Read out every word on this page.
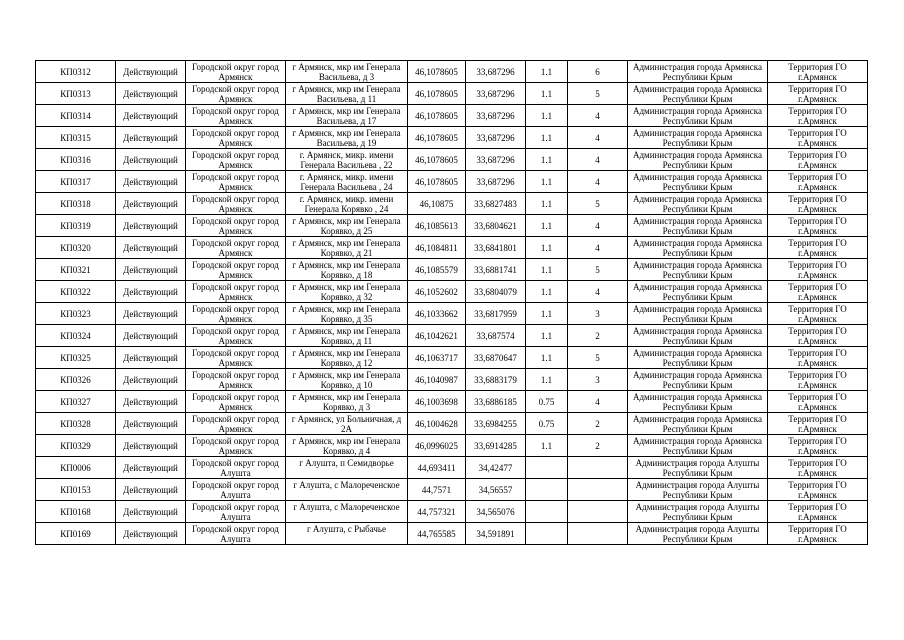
КП0312	Действующий	Городской округ город Армянск	г Армянск, мкр им Генерала Васильева, д 3	46,1078605	33,687296	1.1	6	Администрация города Армянска Республики Крым	Территория ГО г.Армянск
КП0313	Действующий	Городской округ город Армянск	г Армянск, мкр им Генерала Васильева, д 11	46,1078605	33,687296	1.1	5	Администрация города Армянска Республики Крым	Территория ГО г.Армянск
КП0314	Действующий	Городской округ город Армянск	г Армянск, мкр им Генерала Васильева, д 17	46,1078605	33,687296	1.1	4	Администрация города Армянска Республики Крым	Территория ГО г.Армянск
КП0315	Действующий	Городской округ город Армянск	г Армянск, мкр им Генерала Васильева, д 19	46,1078605	33,687296	1.1	4	Администрация города Армянска Республики Крым	Территория ГО г.Армянск
КП0316	Действующий	Городской округ город Армянск	г. Армянск, микр. имени Генерала Васильева , 22	46,1078605	33,687296	1.1	4	Администрация города Армянска Республики Крым	Территория ГО г.Армянск
КП0317	Действующий	Городской округ город Армянск	г. Армянск, микр. имени Генерала Васильева , 24	46,1078605	33,687296	1.1	4	Администрация города Армянска Республики Крым	Территория ГО г.Армянск
КП0318	Действующий	Городской округ город Армянск	г. Армянск, микр. имени Генерала Корявко , 24	46,10875	33,6827483	1.1	5	Администрация города Армянска Республики Крым	Территория ГО г.Армянск
КП0319	Действующий	Городской округ город Армянск	г Армянск, мкр им Генерала Корявко, д 25	46,1085613	33,6804621	1.1	4	Администрация города Армянска Республики Крым	Территория ГО г.Армянск
КП0320	Действующий	Городской округ город Армянск	г Армянск, мкр им Генерала Корявко, д 21	46,1084811	33,6841801	1.1	4	Администрация города Армянска Республики Крым	Территория ГО г.Армянск
КП0321	Действующий	Городской округ город Армянск	г Армянск, мкр им Генерала Корявко, д 18	46,1085579	33,6881741	1.1	5	Администрация города Армянска Республики Крым	Территория ГО г.Армянск
КП0322	Действующий	Городской округ город Армянск	г Армянск, мкр им Генерала Корявко, д 32	46,1052602	33,6804079	1.1	4	Администрация города Армянска Республики Крым	Территория ГО г.Армянск
КП0323	Действующий	Городской округ город Армянск	г Армянск, мкр им Генерала Корявко, д 35	46,1033662	33,6817959	1.1	3	Администрация города Армянска Республики Крым	Территория ГО г.Армянск
КП0324	Действующий	Городской округ город Армянск	г Армянск, мкр им Генерала Корявко, д 11	46,1042621	33,687574	1.1	2	Администрация города Армянска Республики Крым	Территория ГО г.Армянск
КП0325	Действующий	Городской округ город Армянск	г Армянск, мкр им Генерала Корявко, д 12	46,1063717	33,6870647	1.1	5	Администрация города Армянска Республики Крым	Территория ГО г.Армянск
КП0326	Действующий	Городской округ город Армянск	г Армянск, мкр им Генерала Корявко, д 10	46,1040987	33,6883179	1.1	3	Администрация города Армянска Республики Крым	Территория ГО г.Армянск
КП0327	Действующий	Городской округ город Армянск	г Армянск, мкр им Генерала Корявко, д 3	46,1003698	33,6886185	0.75	4	Администрация города Армянска Республики Крым	Территория ГО г.Армянск
КП0328	Действующий	Городской округ город Армянск	г Армянск, ул Больничная, д 2А	46,1004628	33,6984255	0.75	2	Администрация города Армянска Республики Крым	Территория ГО г.Армянск
КП0329	Действующий	Городской округ город Армянск	г Армянск, мкр им Генерала Корявко, д 4	46,0996025	33,6914285	1.1	2	Администрация города Армянска Республики Крым	Территория ГО г.Армянск
КП0006	Действующий	Городской округ город Алушта	г Алушта, п Семидворье	44,693411	34,42477			Администрация города Алушты Республики Крым	Территория ГО г.Армянск
КП0153	Действующий	Городской округ город Алушта	г Алушта, с Малореченское	44,7571	34,56557			Администрация города Алушты Республики Крым	Территория ГО г.Армянск
КП0168	Действующий	Городской округ город Алушта	г Алушта, с Малореченское	44,757321	34,565076			Администрация города Алушты Республики Крым	Территория ГО г.Армянск
КП0169	Действующий	Городской округ город Алушта	г Алушта, с Рыбачье	44,765585	34,591891			Администрация города Алушты Республики Крым	Территория ГО г.Армянск
